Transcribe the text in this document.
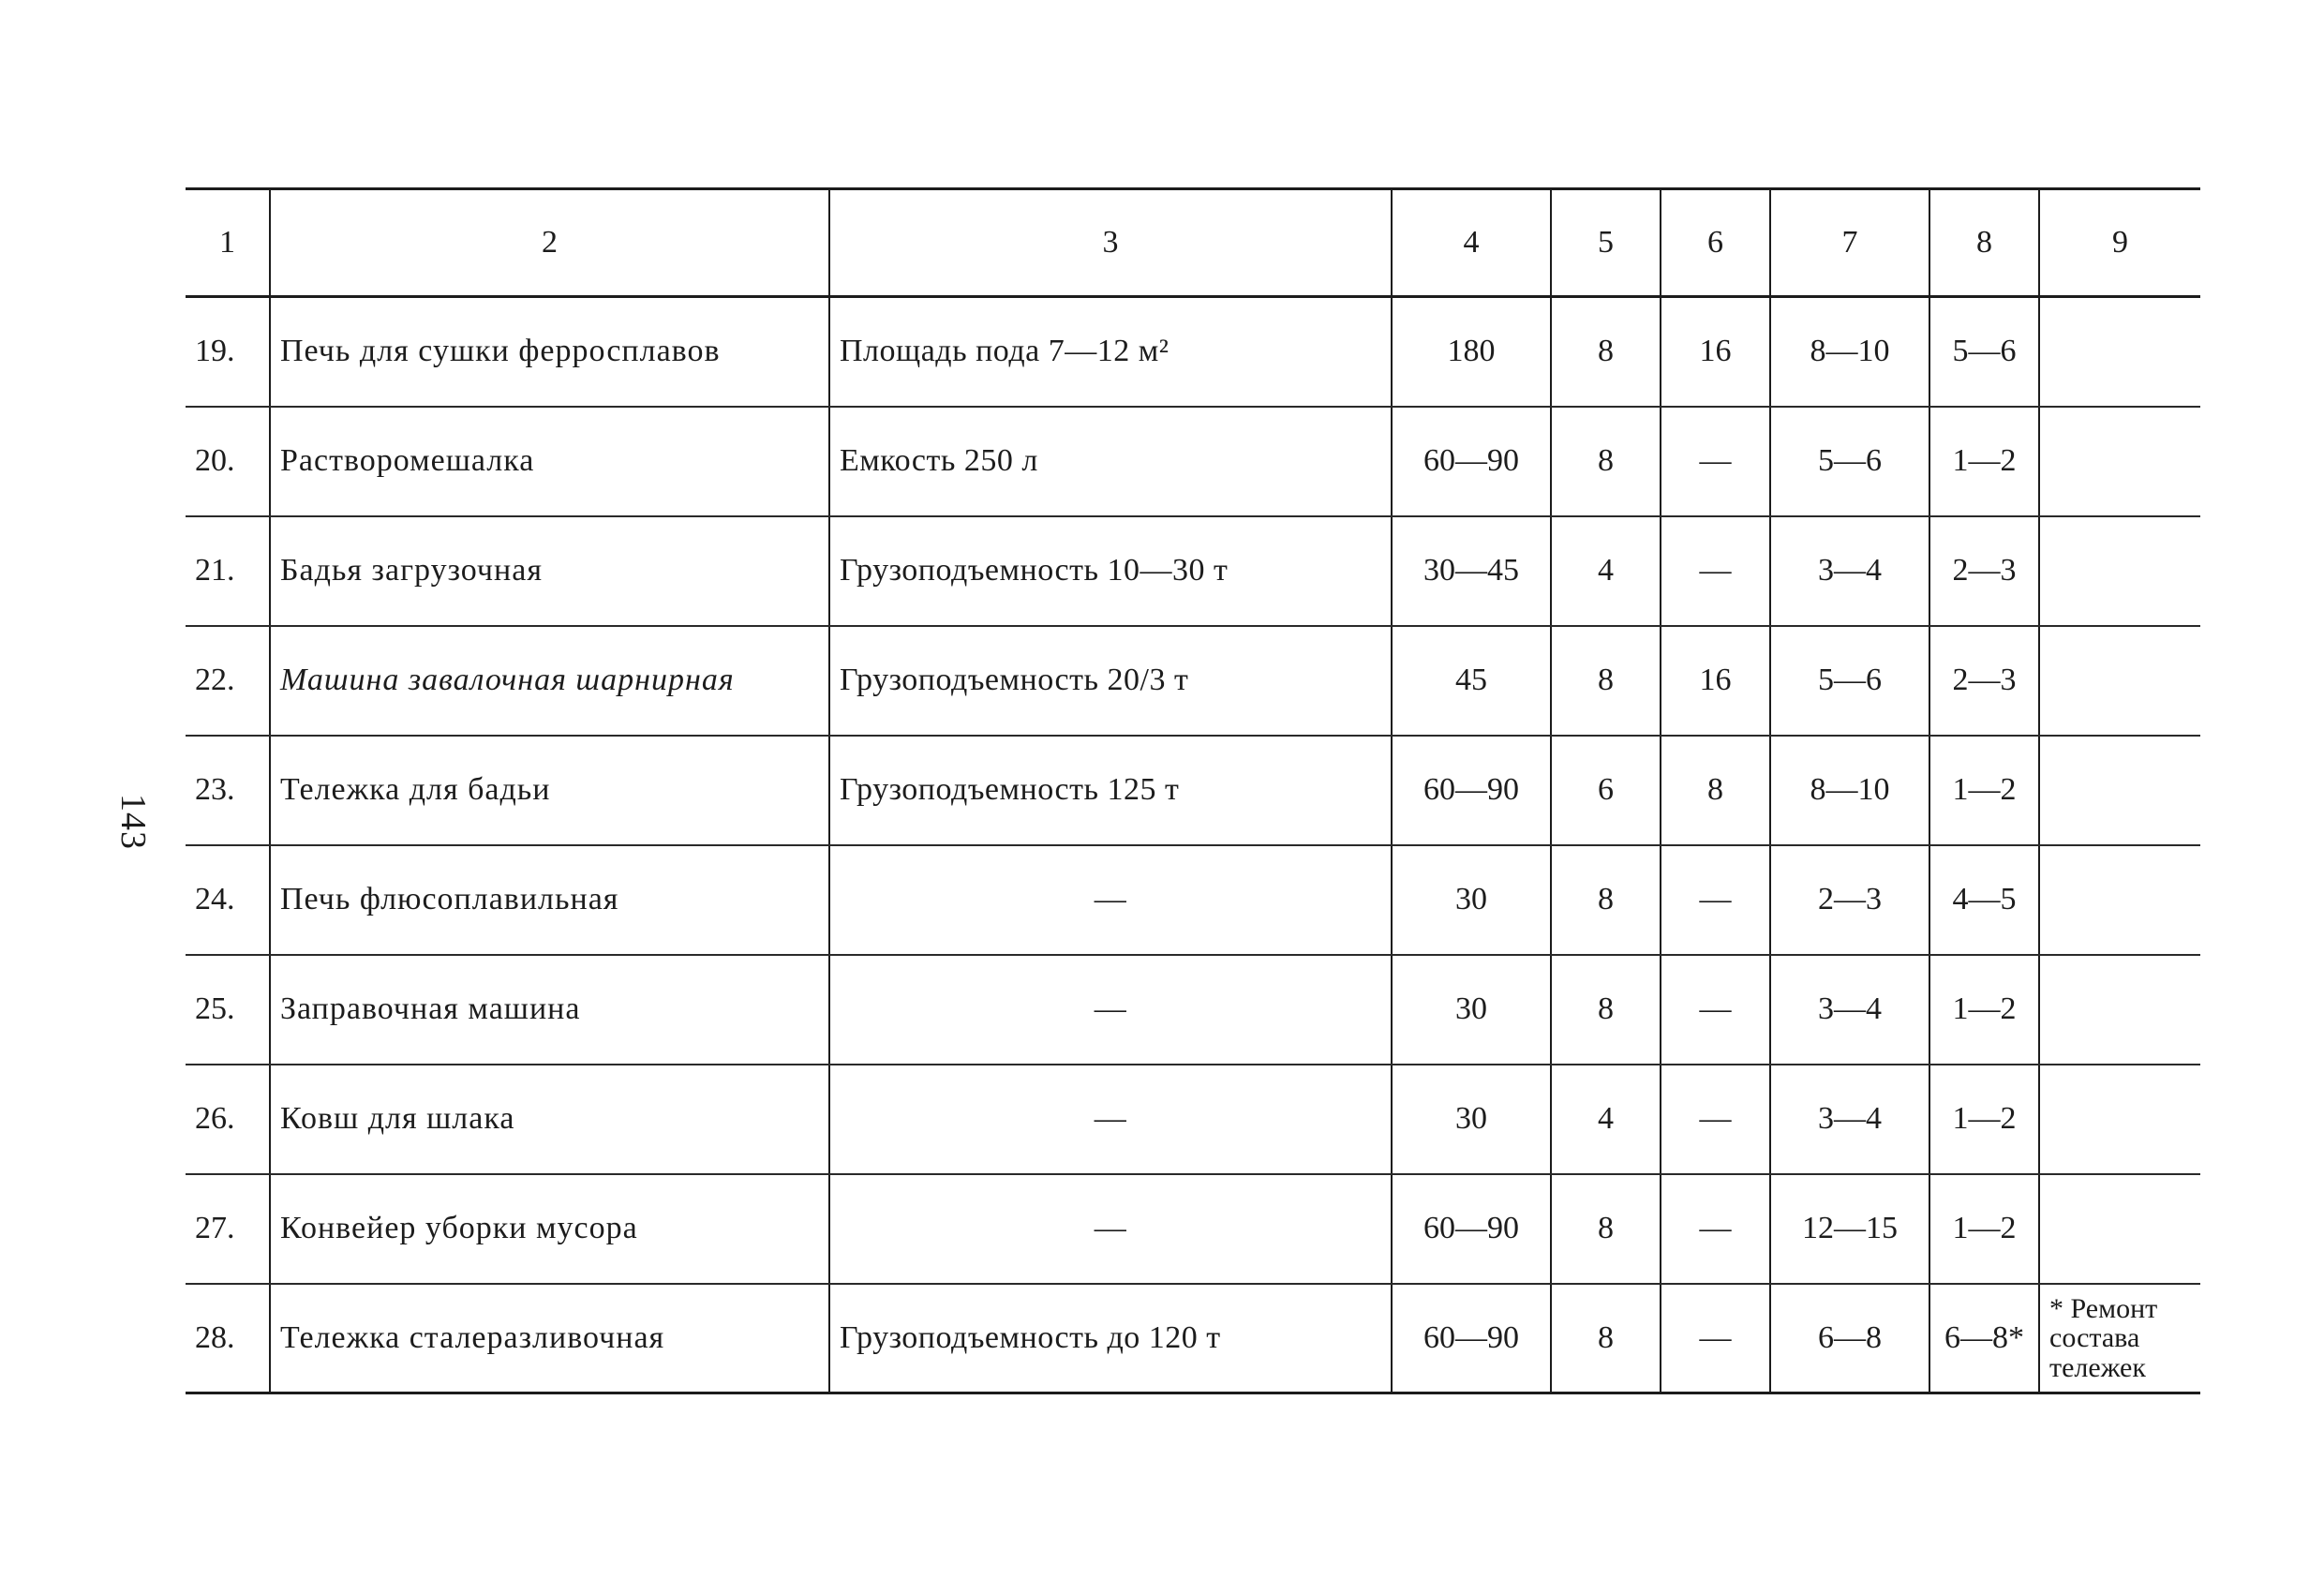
143
1	2	3	4	5	6	7	8	9
19.	Печь для сушки ферросплавов	Площадь пода 7—12 м²	180	8	16	8—10	5—6	
20.	Растворомешалка	Емкость 250 л	60—90	8	—	5—6	1—2	
21.	Бадья загрузочная	Грузоподъемность 10—30 т	30—45	4	—	3—4	2—3	
22.	Машина завалочная шарнирная	Грузоподъемность 20/3 т	45	8	16	5—6	2—3	
23.	Тележка для бадьи	Грузоподъемность 125 т	60—90	6	8	8—10	1—2	
24.	Печь флюсоплавильная	—	30	8	—	2—3	4—5	
25.	Заправочная машина	—	30	8	—	3—4	1—2	
26.	Ковш для шлака	—	30	4	—	3—4	1—2	
27.	Конвейер уборки мусора	—	60—90	8	—	12—15	1—2	
28.	Тележка сталеразливочная	Грузоподъемность до 120 т	60—90	8	—	6—8	6—8*	* Ремонт
состава
тележек
